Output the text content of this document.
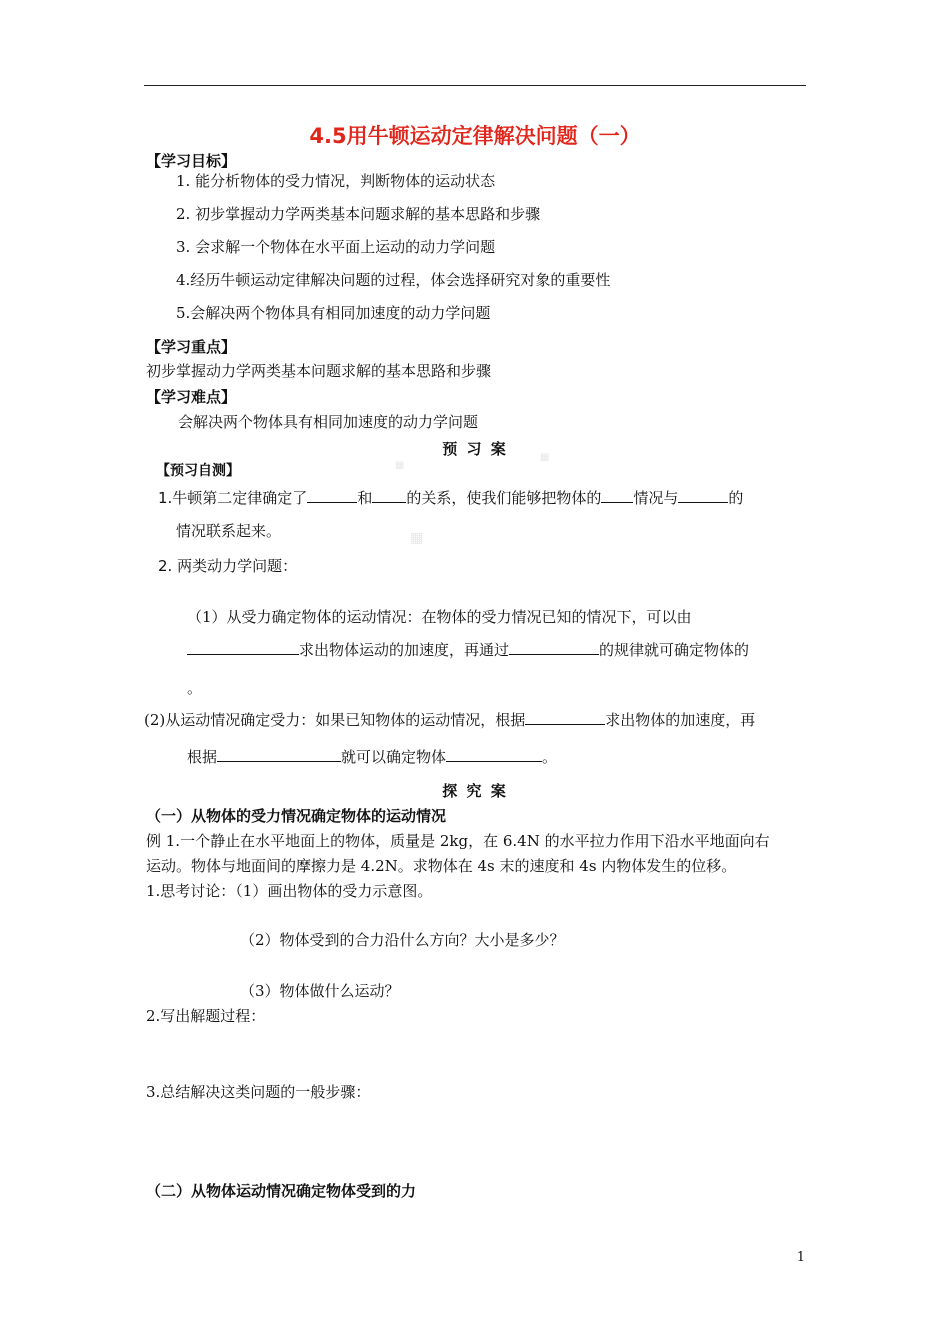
4.5用牛顿运动定律解决问题（一）
【学习目标】
1. 能分析物体的受力情况，判断物体的运动状态
2. 初步掌握动力学两类基本问题求解的基本思路和步骤
3. 会求解一个物体在水平面上运动的动力学问题
4.经历牛顿运动定律解决问题的过程，体会选择研究对象的重要性
5.会解决两个物体具有相同加速度的动力学问题
【学习重点】
初步掌握动力学两类基本问题求解的基本思路和步骤
【学习难点】
会解决两个物体具有相同加速度的动力学问题
预 习 案
▦
▦
【预习自测】
1.牛顿第二定律确定了	和 的关系，使我们能够把物体的 情况与	的
情况联系起来。	▦
2. 两类动力学问题：
（1）从受力确定物体的运动情况：在物体的受力情况已知的情况下，可以由
求出物体运动的加速度，再通过	的规律就可确定物体的
。
(2)从运动情况确定受力：如果已知物体的运动情况，根据	求出物体的加速度，再
根据	就可以确定物体	。
探 究 案
（一）从物体的受力情况确定物体的运动情况
例 1.一个静止在水平地面上的物体，质量是 2kg，在 6.4N 的水平拉力作用下沿水平地面向右
运动。物体与地面间的摩擦力是 4.2N。求物体在 4s 末的速度和 4s 内物体发生的位移。
1.思考讨论：（1）画出物体的受力示意图。
（2）物体受到的合力沿什么方向？大小是多少？
（3）物体做什么运动？
2.写出解题过程：
3.总结解决这类问题的一般步骤：
（二）从物体运动情况确定物体受到的力
1
